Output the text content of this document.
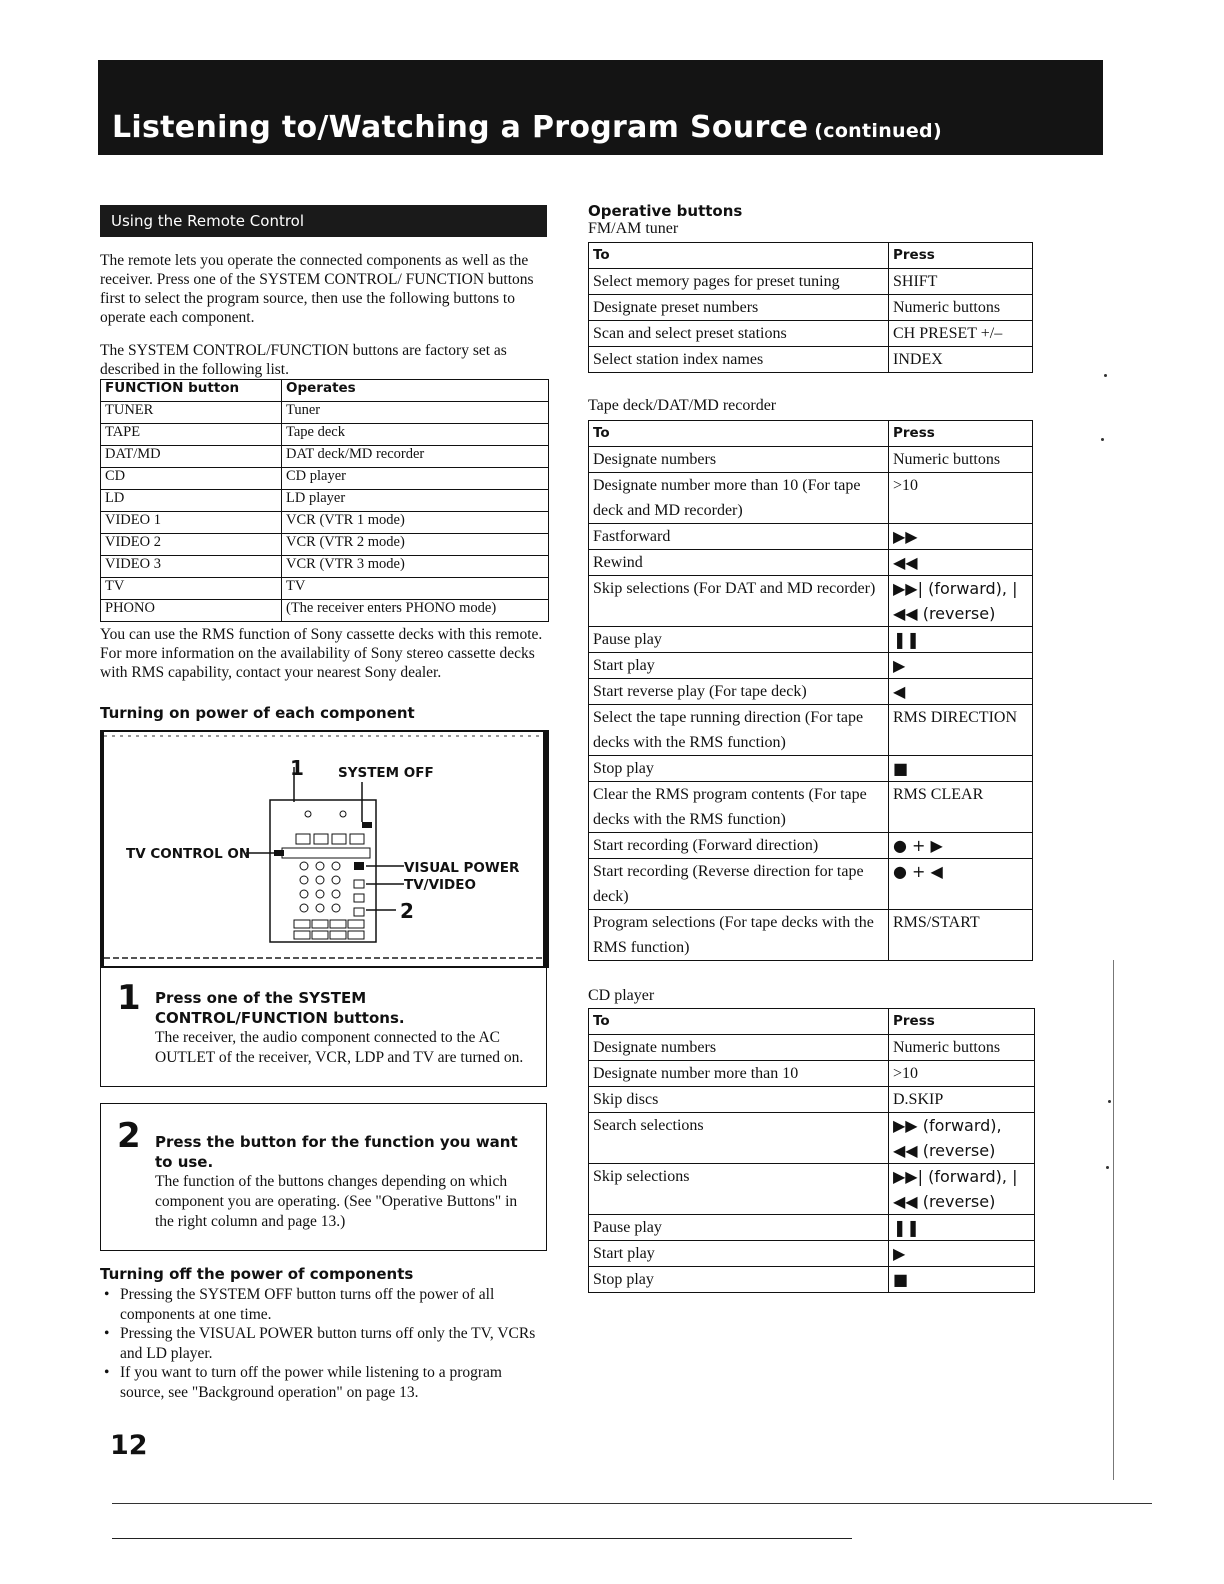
Listening to/Watching a Program Source (continued)
Using the Remote Control

The remote lets you operate the connected components as well as the receiver. Press one of the SYSTEM CONTROL/ FUNCTION buttons first to select the program source, then use the following buttons to operate each component.

The SYSTEM CONTROL/FUNCTION buttons are factory set as described in the following list.

FUNCTION button	Operates
TUNER	Tuner
TAPE	Tape deck
DAT/MD	DAT deck/MD recorder
CD	CD player
LD	LD player
VIDEO 1	VCR (VTR 1 mode)
VIDEO 2	VCR (VTR 2 mode)
VIDEO 3	VCR (VTR 3 mode)
TV	TV
PHONO	(The receiver enters PHONO mode)

You can use the RMS function of Sony cassette decks with this remote. For more information on the availability of Sony stereo cassette decks with RMS capability, contact your nearest Sony dealer.

Turning on power of each component
1	SYSTEM OFF
TV CONTROL ON
VISUAL POWER
TV/VIDEO
2
1 Press one of the SYSTEM CONTROL/FUNCTION buttons.
The receiver, the audio component connected to the AC OUTLET of the receiver, VCR, LDP and TV are turned on.
2 Press the button for the function you want to use.
The function of the buttons changes depending on which component you are operating. (See "Operative Buttons" in the right column and page 13.)
Turning off the power of components
• Pressing the SYSTEM OFF button turns off the power of all components at one time.
• Pressing the VISUAL POWER button turns off only the TV, VCRs and LD player.
• If you want to turn off the power while listening to a program source, see "Background operation" on page 13.
12
Operative buttons
FM/AM tuner
To	Press
Select memory pages for preset tuning	SHIFT
Designate preset numbers	Numeric buttons
Scan and select preset stations	CH PRESET +/–
Select station index names	INDEX
Tape deck/DAT/MD recorder
To	Press
Designate numbers	Numeric buttons
Designate number more than 10 (For tape deck and MD recorder)	>10
Fastforward	▶▶
Rewind	◀◀
Skip selections (For DAT and MD recorder)	▶▶| (forward), |◀◀ (reverse)
Pause play	❚❚
Start play	▶
Start reverse play (For tape deck)	◀
Select the tape running direction (For tape decks with the RMS function)	RMS DIRECTION
Stop play	■
Clear the RMS program contents (For tape decks with the RMS function)	RMS CLEAR
Start recording (Forward direction)	● + ▶
Start recording (Reverse direction for tape deck)	● + ◀
Program selections (For tape decks with the RMS function)	RMS/START
CD player
To	Press
Designate numbers	Numeric buttons
Designate number more than 10	>10
Skip discs	D.SKIP
Search selections	▶▶ (forward), ◀◀ (reverse)
Skip selections	▶▶| (forward), |◀◀ (reverse)
Pause play	❚❚
Start play	▶
Stop play	■
